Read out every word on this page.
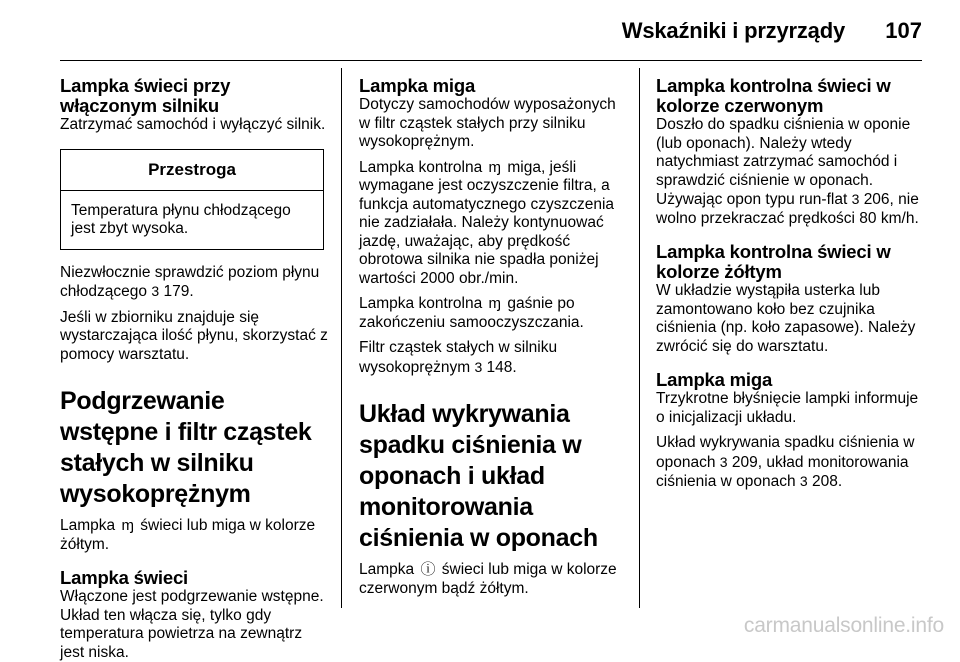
Wskaźniki i przyrządy 107
Lampka świeci przy włączonym silniku

Zatrzymać samochód i wyłączyć silnik.

Przestroga
Temperatura płynu chłodzącego jest zbyt wysoka.

Niezwłocznie sprawdzić poziom płynu chłodzącego 3 179.

Jeśli w zbiorniku znajduje się wystarczająca ilość płynu, skorzystać z pomocy warsztatu.

Podgrzewanie wstępne i filtr cząstek stałych w silniku wysokoprężnym

Lampka ɱ świeci lub miga w kolorze żółtym.

Lampka świeci

Włączone jest podgrzewanie wstępne. Układ ten włącza się, tylko gdy temperatura powietrza na zewnątrz jest niska.

Lampka miga

Dotyczy samochodów wyposażonych w filtr cząstek stałych przy silniku wysokoprężnym.

Lampka kontrolna ɱ miga, jeśli wymagane jest oczyszczenie filtra, a funkcja automatycznego czyszczenia nie zadziałała. Należy kontynuować jazdę, uważając, aby prędkość obrotowa silnika nie spadła poniżej wartości 2000 obr./min.

Lampka kontrolna ɱ gaśnie po zakończeniu samooczyszczania.

Filtr cząstek stałych w silniku wysokoprężnym 3 148.

Układ wykrywania spadku ciśnienia w oponach i układ monitorowania ciśnienia w oponach

Lampka ⓘ świeci lub miga w kolorze czerwonym bądź żółtym.

Lampka kontrolna świeci w kolorze czerwonym

Doszło do spadku ciśnienia w oponie (lub oponach). Należy wtedy natychmiast zatrzymać samochód i sprawdzić ciśnienie w oponach. Używając opon typu run-flat 3 206, nie wolno przekraczać prędkości 80 km/h.

Lampka kontrolna świeci w kolorze żółtym

W układzie wystąpiła usterka lub zamontowano koło bez czujnika ciśnienia (np. koło zapasowe). Należy zwrócić się do warsztatu.

Lampka miga

Trzykrotne błyśnięcie lampki informuje o inicjalizacji układu.

Układ wykrywania spadku ciśnienia w oponach 3 209, układ monitorowania ciśnienia w oponach 3 208.

carmanualsonline.info
